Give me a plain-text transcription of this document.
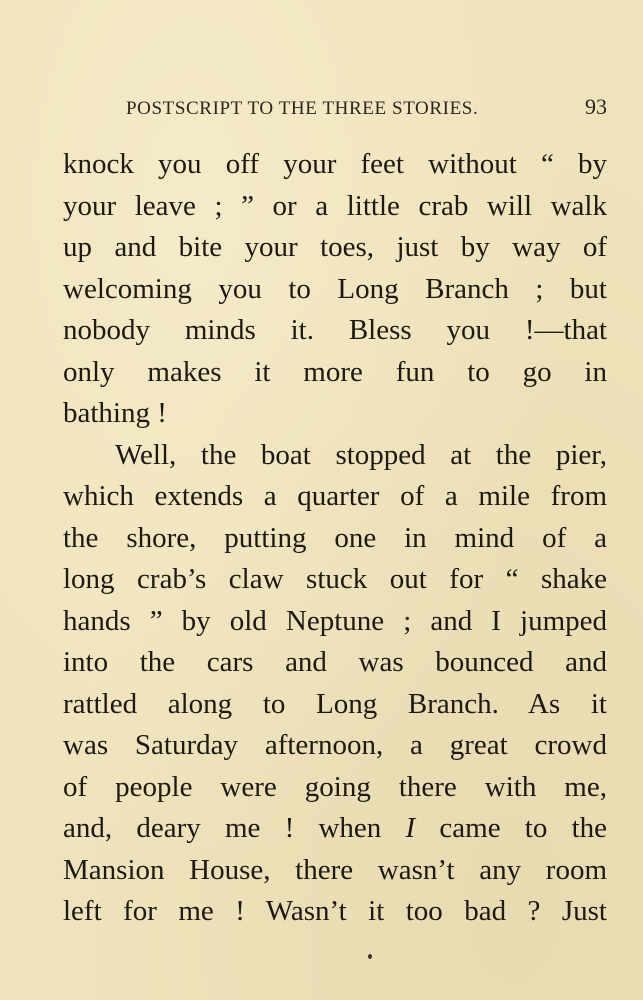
POSTSCRIPT TO THE THREE STORIES.	93
knock you off your feet without “ by
your leave ; ” or a little crab will walk
up and bite your toes, just by way of
welcoming you to Long Branch ; but
nobody minds it. Bless you !—that
only makes it more fun to go in
bathing !
Well, the boat stopped at the pier,
which extends a quarter of a mile from
the shore, putting one in mind of a
long crab’s claw stuck out for “ shake
hands ” by old Neptune ; and I jumped
into the cars and was bounced and
rattled along to Long Branch. As it
was Saturday afternoon, a great crowd
of people were going there with me,
and, deary me ! when I came to the
Mansion House, there wasn’t any room
left for me ! Wasn’t it too bad ? Just
